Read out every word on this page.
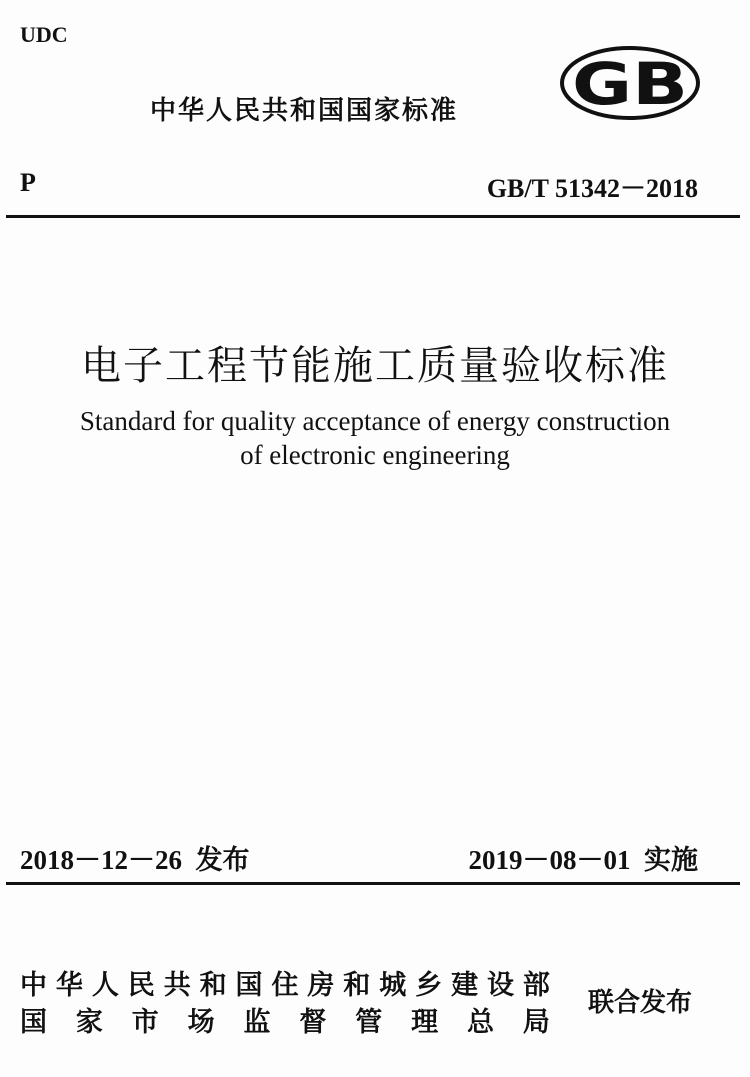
UDC
中华人民共和国国家标准 GB
P	GB/T 51342－2018
电子工程节能施工质量验收标准
Standard for quality acceptance of energy construction
of electronic engineering
2018－12－26 发布	2019－08－01 实施
中 华 人 民 共 和 国 住 房 和 城 乡 建 设 部
国 家 市 场 监 督 管 理 总 局
联合发布
